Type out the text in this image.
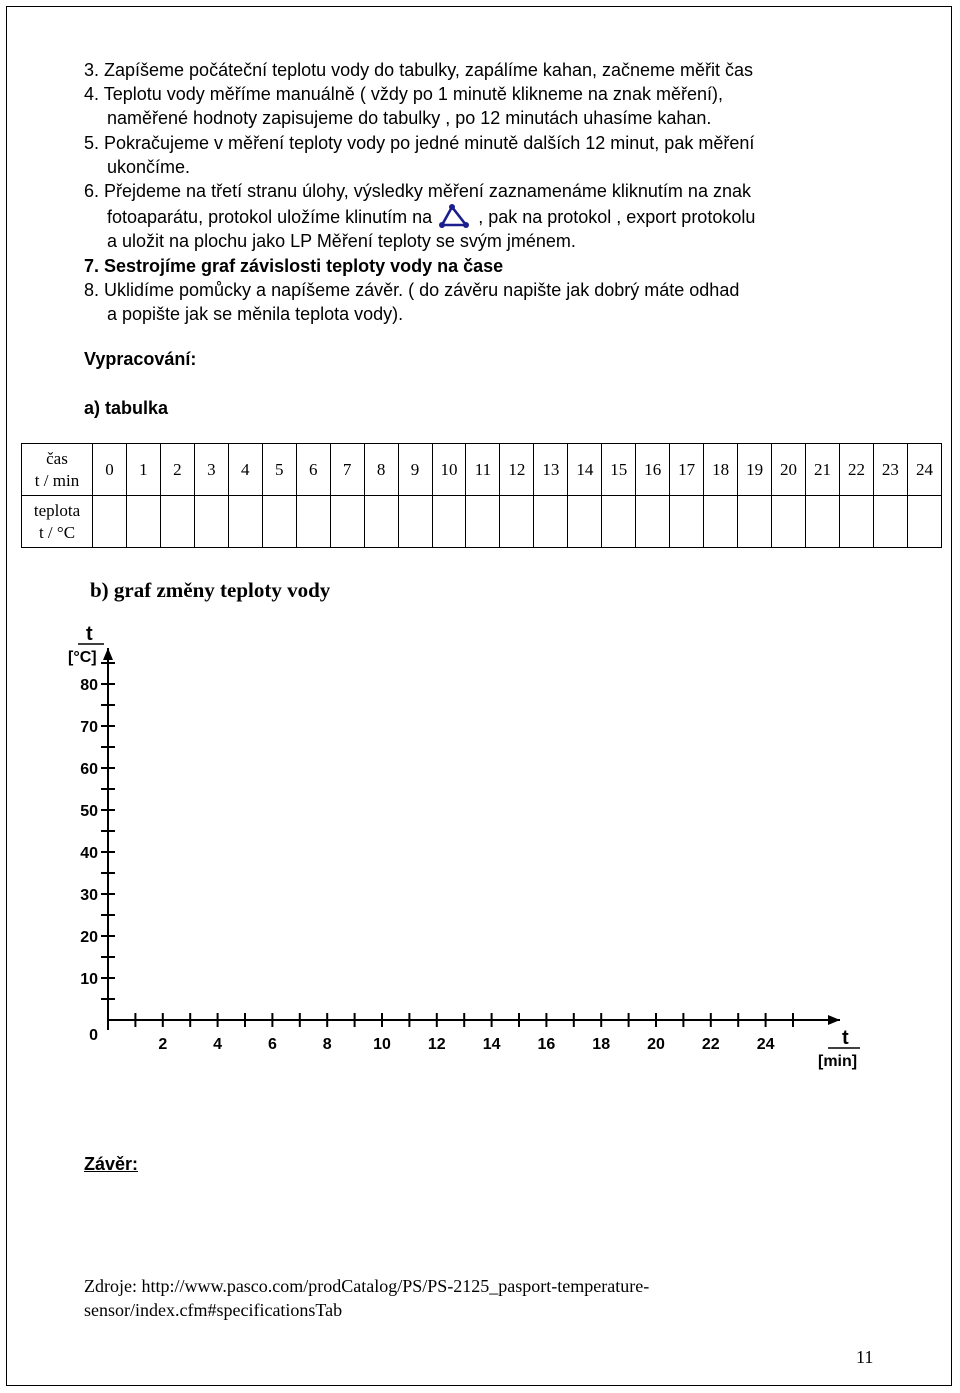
3. Zapíšeme počáteční teplotu vody do tabulky, zapálíme kahan, začneme měřit čas
4. Teplotu vody měříme manuálně ( vždy po 1 minutě klikneme na znak měření),
naměřené hodnoty zapisujeme do tabulky , po 12 minutách uhasíme kahan.
5. Pokračujeme v měření teploty vody po jedné minutě dalších 12 minut, pak měření
ukončíme.
6. Přejdeme na třetí stranu úlohy, výsledky měření zaznamenáme kliknutím na znak
fotoaparátu, protokol uložíme klinutím na	, pak na protokol , export protokolu
a uložit na plochu jako LP Měření teploty se svým jménem.
7. Sestrojíme graf závislosti teploty vody na čase
8. Uklidíme pomůcky a napíšeme závěr. ( do závěru napište jak dobrý máte odhad
a popište jak se měnila teplota vody).
Vypracování:
a) tabulka
čas
t / min	0	1	2	3	4	5	6	7	8	9	10	11	12	13	14	15	16	17	18	19	20	21	22	23	24

teplota
t / °C																									

b) graf změny teploty vody
0
10
20
30
40
50
60
70
80
2	4	6	8	10 12 14 16 18 20 22 24
t
[°C]
t
[min]
Závěr:
Zdroje: http://www.pasco.com/prodCatalog/PS/PS-2125_pasport-temperature-
sensor/index.cfm#specificationsTab
11
